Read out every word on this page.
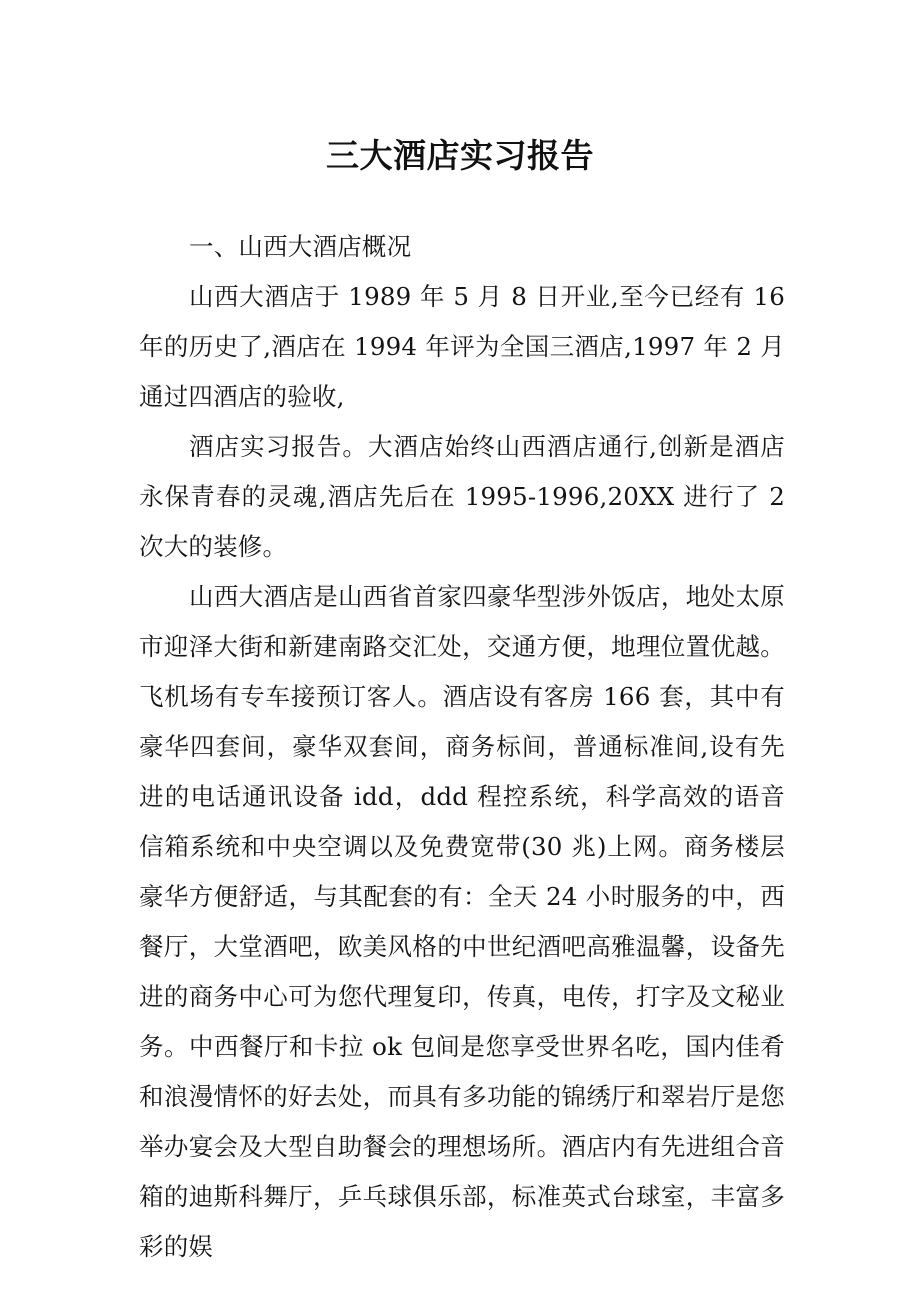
三大酒店实习报告

一、山西大酒店概况

山西大酒店于 1989 年 5 月 8 日开业,至今已经有 16 年的历史了,酒店在 1994 年评为全国三酒店,1997 年 2 月通过四酒店的验收,

酒店实习报告。大酒店始终山西酒店通行,创新是酒店永保青春的灵魂,酒店先后在 1995-1996,20XX 进行了 2 次大的装修。

山西大酒店是山西省首家四豪华型涉外饭店，地处太原市迎泽大街和新建南路交汇处，交通方便，地理位置优越。飞机场有专车接预订客人。酒店设有客房 166 套，其中有豪华四套间，豪华双套间，商务标间，普通标准间,设有先进的电话通讯设备 idd，ddd 程控系统，科学高效的语音信箱系统和中央空调以及免费宽带(30 兆)上网。商务楼层豪华方便舒适，与其配套的有：全天 24 小时服务的中，西餐厅，大堂酒吧，欧美风格的中世纪酒吧高雅温馨，设备先进的商务中心可为您代理复印，传真，电传，打字及文秘业务。中西餐厅和卡拉 ok 包间是您享受世界名吃，国内佳肴和浪漫情怀的好去处，而具有多功能的锦绣厅和翠岩厅是您举办宴会及大型自助餐会的理想场所。酒店内有先进组合音箱的迪斯科舞厅，乒乓球俱乐部，标准英式台球室，丰富多彩的娱
